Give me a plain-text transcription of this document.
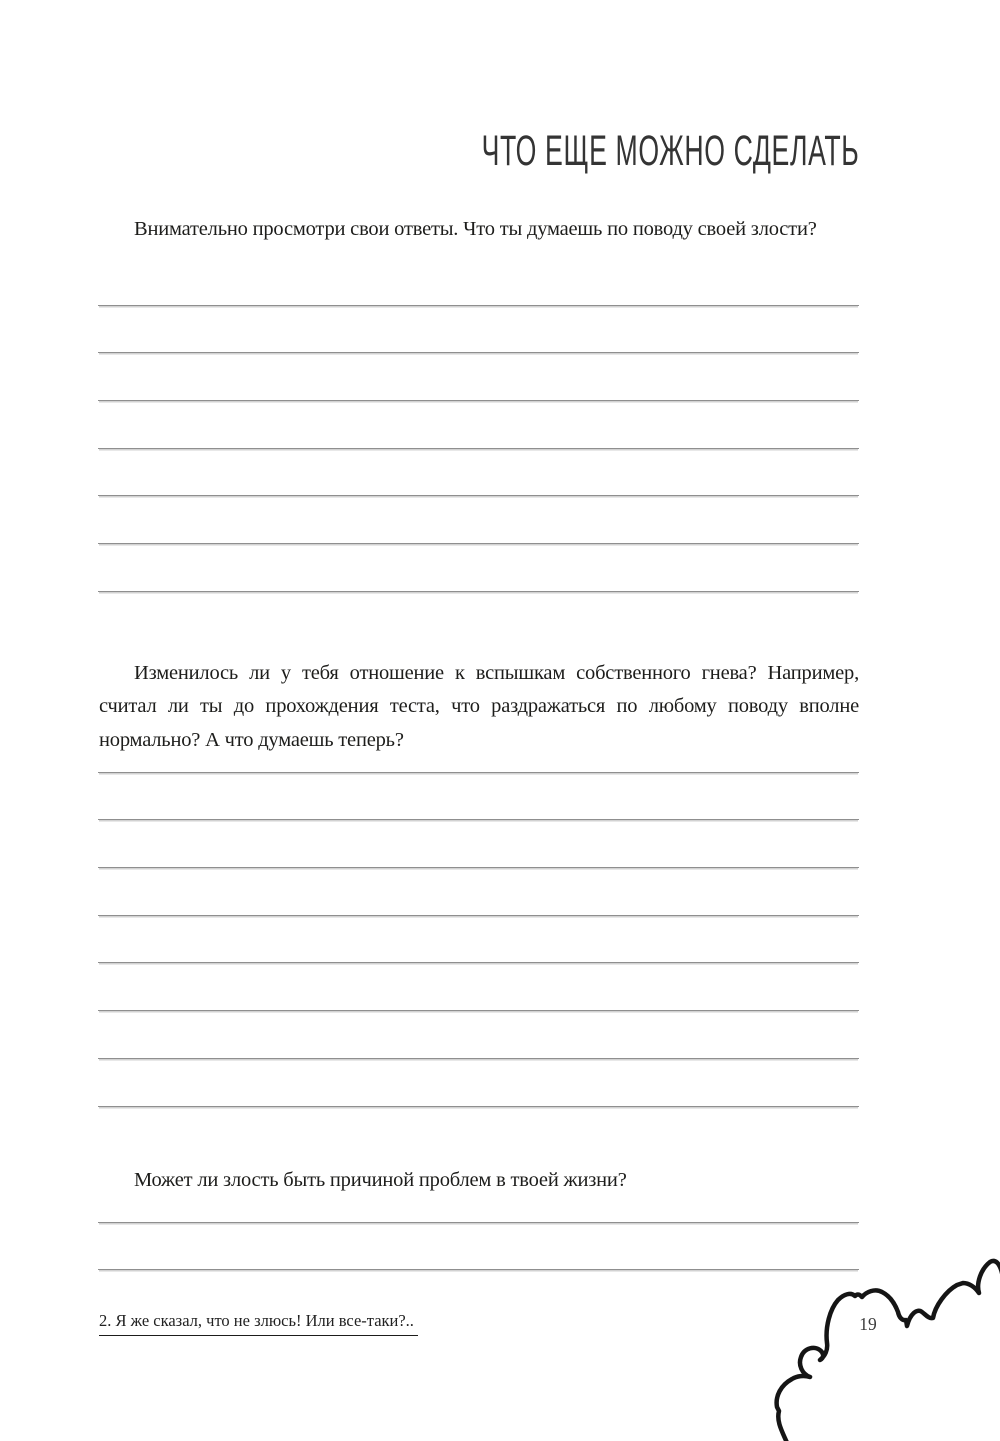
ЧТО ЕЩЕ МОЖНО СДЕЛАТЬ

Внимательно просмотри свои ответы. Что ты думаешь по поводу своей злости?

Изменилось ли у тебя отношение к вспышкам собственного гнева? Например, считал ли ты до прохождения теста, что раздражаться по любому поводу вполне нормально? А что думаешь теперь?

Может ли злость быть причиной проблем в твоей жизни?

2. Я же сказал, что не злюсь! Или все-таки?..	19
